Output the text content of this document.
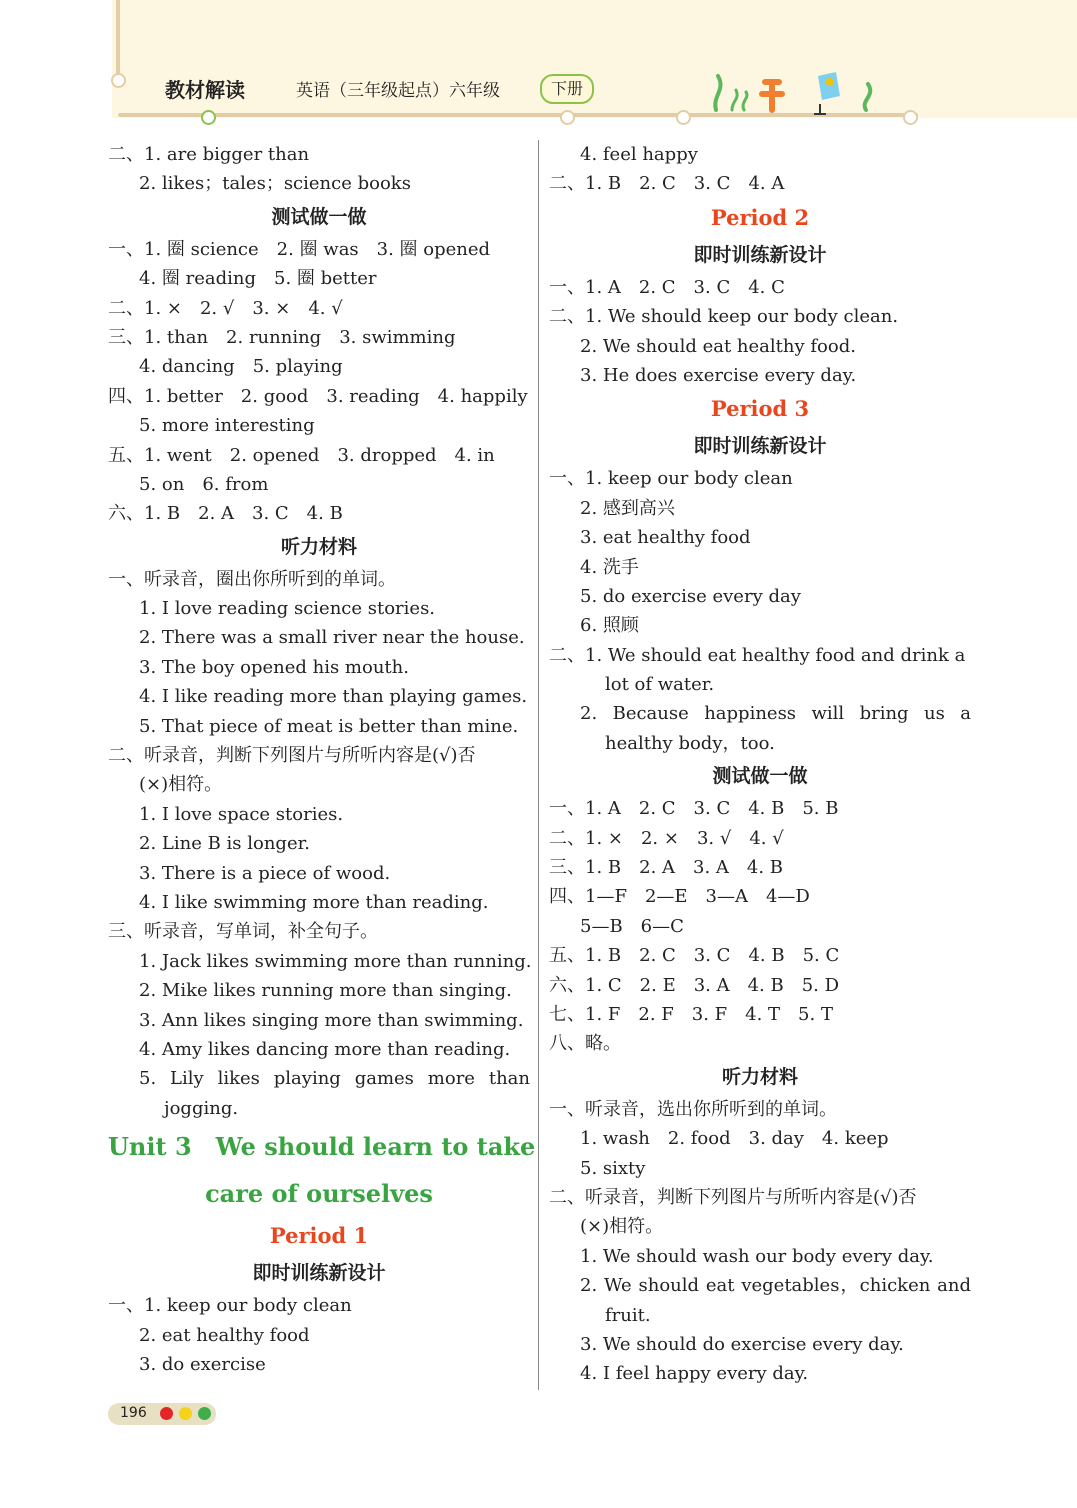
教材解读	英语（三年级起点）六年级	下册
二、1. are bigger than
2. likes；tales；science books
测试做一做
一、1. 圈 science　2. 圈 was　3. 圈 opened
4. 圈 reading　5. 圈 better
二、1. ×　2. √　3. ×　4. √
三、1. than　2. running　3. swimming
4. dancing　5. playing
四、1. better　2. good　3. reading　4. happily
5. more interesting
五、1. went　2. opened　3. dropped　4. in
5. on　6. from
六、1. B　2. A　3. C　4. B
听力材料
一、听录音，圈出你所听到的单词。
1. I love reading science stories.
2. There was a small river near the house.
3. The boy opened his mouth.
4. I like reading more than playing games.
5. That piece of meat is better than mine.
二、听录音，判断下列图片与所听内容是(√)否
(×)相符。
1. I love space stories.
2. Line B is longer.
3. There is a piece of wood.
4. I like swimming more than reading.
三、听录音，写单词，补全句子。
1. Jack likes swimming more than running.
2. Mike likes running more than singing.
3. Ann likes singing more than swimming.
4. Amy likes dancing more than reading.
5. Lily likes playing games more than
jogging.
Unit 3　We should learn to take
care of ourselves
Period 1
即时训练新设计
一、1. keep our body clean
2. eat healthy food
3. do exercise
4. feel happy
二、1. B　2. C　3. C　4. A
Period 2
即时训练新设计
一、1. A　2. C　3. C　4. C
二、1. We should keep our body clean.
2. We should eat healthy food.
3. He does exercise every day.
Period 3
即时训练新设计
一、1. keep our body clean
2. 感到高兴
3. eat healthy food
4. 洗手
5. do exercise every day
6. 照顾
二、1. We should eat healthy food and drink a
lot of water.
2. Because happiness will bring us a
healthy body，too.
测试做一做
一、1. A　2. C　3. C　4. B　5. B
二、1. ×　2. ×　3. √　4. √
三、1. B　2. A　3. A　4. B
四、1—F　2—E　3—A　4—D
5—B　6—C
五、1. B　2. C　3. C　4. B　5. C
六、1. C　2. E　3. A　4. B　5. D
七、1. F　2. F　3. F　4. T　5. T
八、略。
听力材料
一、听录音，选出你所听到的单词。
1. wash　2. food　3. day　4. keep
5. sixty
二、听录音，判断下列图片与所听内容是(√)否
(×)相符。
1. We should wash our body every day.
2. We should eat vegetables，chicken and
fruit.
3. We should do exercise every day.
4. I feel happy every day.
196
